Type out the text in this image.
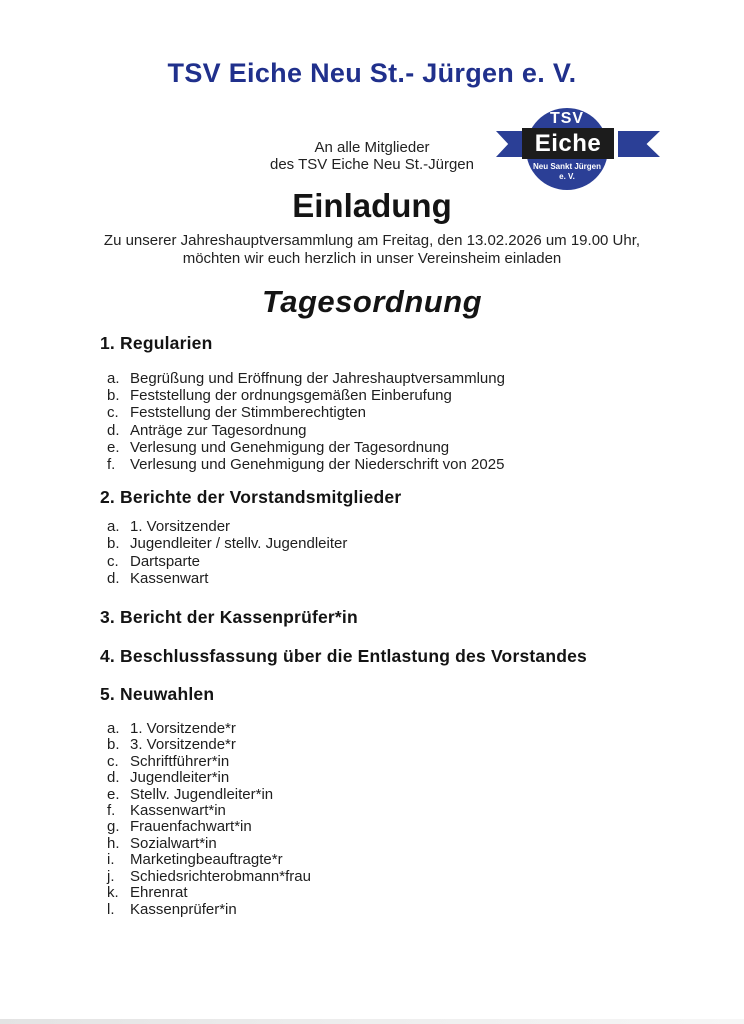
TSV Eiche Neu St.- Jürgen e. V.
TSV
Eiche
Neu Sankt Jürgen
e. V.
An alle Mitglieder
des TSV Eiche Neu St.-Jürgen
Einladung
Zu unserer Jahreshauptversammlung am Freitag, den 13.02.2026 um 19.00 Uhr,
möchten wir euch herzlich in unser Vereinsheim einladen
Tagesordnung
1. Regularien
a. Begrüßung und Eröffnung der Jahreshauptversammlung
b. Feststellung der ordnungsgemäßen Einberufung
c. Feststellung der Stimmberechtigten
d. Anträge zur Tagesordnung
e. Verlesung und Genehmigung der Tagesordnung
f. Verlesung und Genehmigung der Niederschrift von 2025
2. Berichte der Vorstandsmitglieder
a. 1. Vorsitzender
b. Jugendleiter / stellv. Jugendleiter
c. Dartsparte
d. Kassenwart
3. Bericht der Kassenprüfer*in
4. Beschlussfassung über die Entlastung des Vorstandes
5. Neuwahlen
a. 1. Vorsitzende*r
b. 3. Vorsitzende*r
c. Schriftführer*in
d. Jugendleiter*in
e. Stellv. Jugendleiter*in
f. Kassenwart*in
g. Frauenfachwart*in
h. Sozialwart*in
i.	Marketingbeauftragte*r
j.	Schiedsrichterobmann*frau
k. Ehrenrat
l.	Kassenprüfer*in
